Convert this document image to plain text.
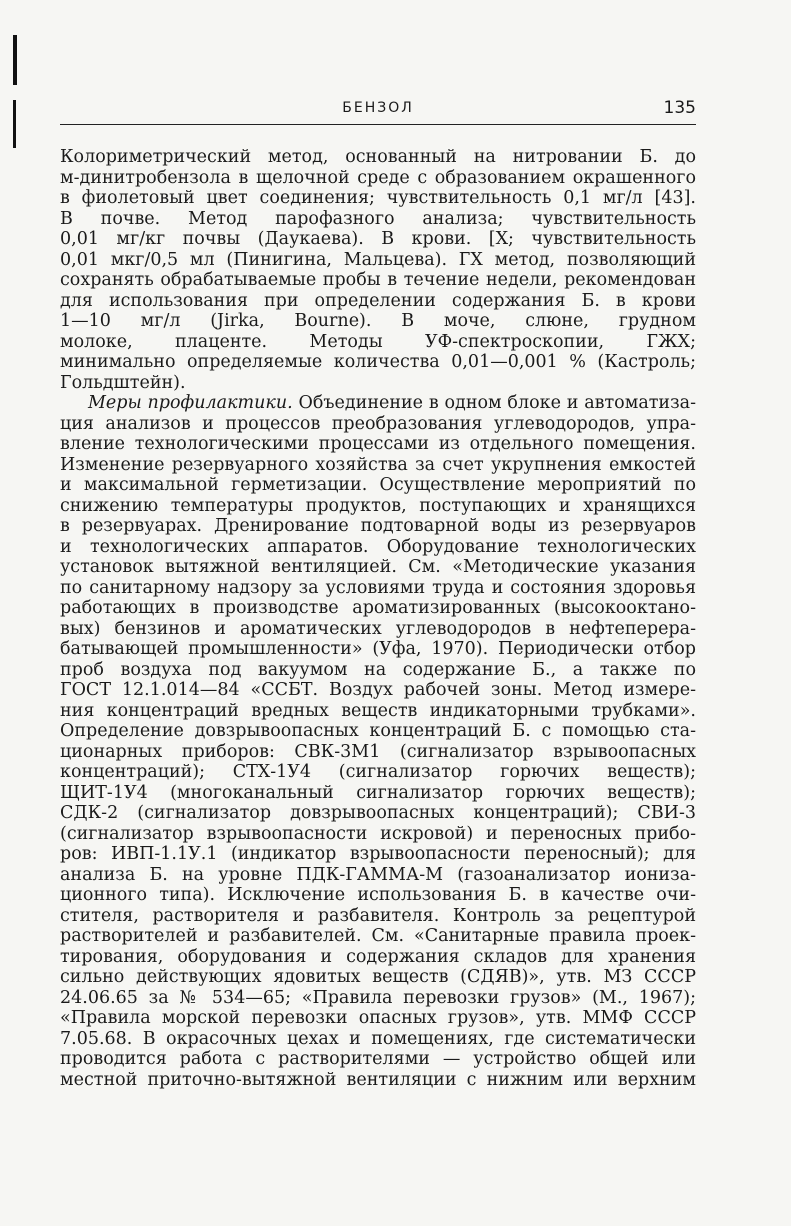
БЕНЗОЛ	135
Колориметрический метод, основанный на нитровании Б. до
м-динитробензола в щелочной среде с образованием окрашенного
в фиолетовый цвет соединения; чувствительность 0,1 мг/л [43].
В почве. Метод парофазного анализа; чувствительность
0,01 мг/кг почвы (Даукаева). В крови. [X; чувствительность
0,01 мкг/0,5 мл (Пинигина, Мальцева). ГХ метод, позволяющий
сохранять обрабатываемые пробы в течение недели, рекомендован
для использования при определении содержания Б. в крови
1—10 мг/л (Jirka, Bourne). В моче, слюне, грудном
молоке, плаценте. Методы УФ-спектроскопии, ГЖХ;
минимально определяемые количества 0,01—0,001 % (Кастроль;
Гольдштейн).
Меры профилактики. Объединение в одном блоке и автоматиза-
ция анализов и процессов преобразования углеводородов, упра-
вление технологическими процессами из отдельного помещения.
Изменение резервуарного хозяйства за счет укрупнения емкостей
и максимальной герметизации. Осуществление мероприятий по
снижению температуры продуктов, поступающих и хранящихся
в резервуарах. Дренирование подтоварной воды из резервуаров
и технологических аппаратов. Оборудование технологических
установок вытяжной вентиляцией. См. «Методические указания
по санитарному надзору за условиями труда и состояния здоровья
работающих в производстве ароматизированных (высокооктано-
вых) бензинов и ароматических углеводородов в нефтеперера-
батывающей промышленности» (Уфа, 1970). Периодически отбор
проб воздуха под вакуумом на содержание Б., а также по
ГОСТ 12.1.014—84 «ССБТ. Воздух рабочей зоны. Метод измере-
ния концентраций вредных веществ индикаторными трубками».
Определение довзрывоопасных концентраций Б. с помощью ста-
ционарных приборов: СВК-3М1 (сигнализатор взрывоопасных
концентраций); СТХ-1У4 (сигнализатор горючих веществ);
ЩИТ-1У4 (многоканальный сигнализатор горючих веществ);
СДК-2 (сигнализатор довзрывоопасных концентраций); СВИ-3
(сигнализатор взрывоопасности искровой) и переносных прибо-
ров: ИВП-1.1У.1 (индикатор взрывоопасности переносный); для
анализа Б. на уровне ПДК-ГАММА-М (газоанализатор иониза-
ционного типа). Исключение использования Б. в качестве очи-
стителя, растворителя и разбавителя. Контроль за рецептурой
растворителей и разбавителей. См. «Санитарные правила проек-
тирования, оборудования и содержания складов для хранения
сильно действующих ядовитых веществ (СДЯВ)», утв. МЗ СССР
24.06.65 за № 534—65; «Правила перевозки грузов» (М., 1967);
«Правила морской перевозки опасных грузов», утв. ММФ СССР
7.05.68. В окрасочных цехах и помещениях, где систематически
проводится работа с растворителями — устройство общей или
местной приточно-вытяжной вентиляции с нижним или верхним
